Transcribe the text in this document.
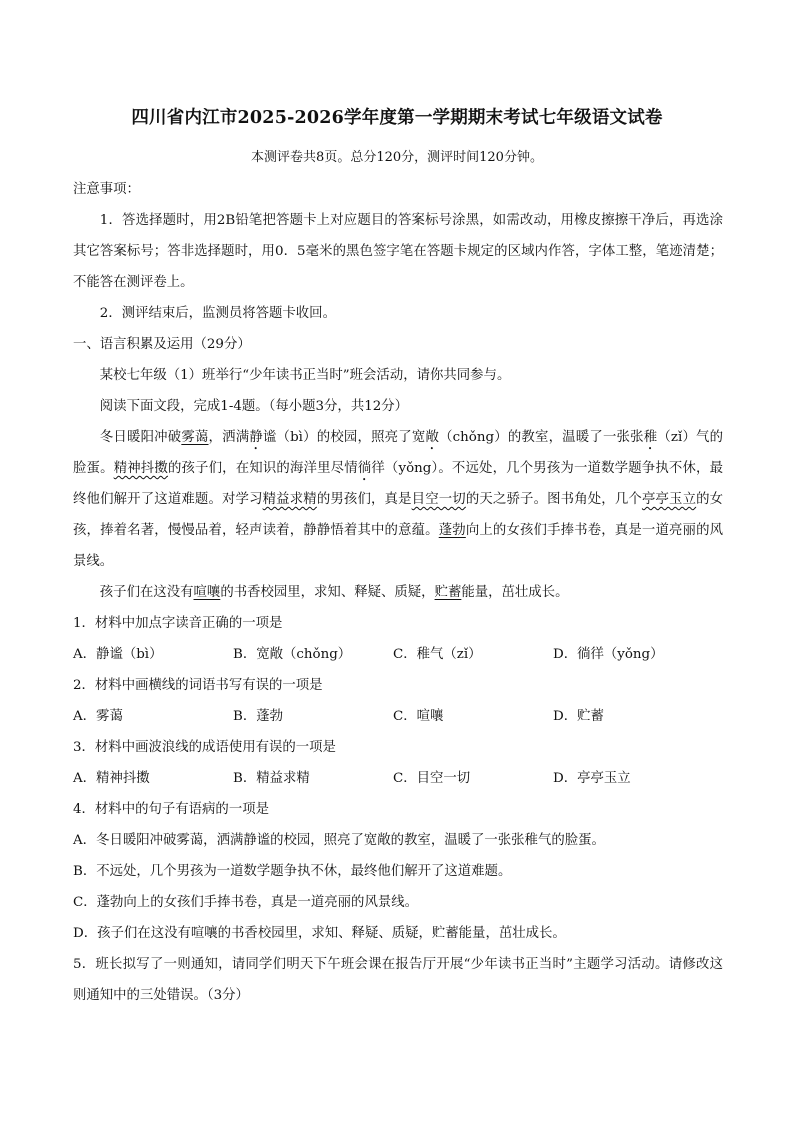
四川省内江市2025-2026学年度第一学期期末考试七年级语文试卷
本测评卷共8页。总分120分，测评时间120分钟。

注意事项：

1．答选择题时，用2B铅笔把答题卡上对应题目的答案标号涂黑，如需改动，用橡皮擦擦干净后，再选涂其它答案标号；答非选择题时，用0．5毫米的黑色签字笔在答题卡规定的区域内作答，字体工整，笔迹清楚；不能答在测评卷上。

2．测评结束后，监测员将答题卡收回。

一、语言积累及运用（29分）

某校七年级（1）班举行“少年读书正当时”班会活动，请你共同参与。

阅读下面文段，完成1-4题。（每小题3分，共12分）

冬日暖阳冲破雾蔼，洒满静谧（bì）的校园，照亮了宽敞（chǒng）的教室，温暖了一张张稚（zǐ）气的脸蛋。精神抖擞的孩子们，在知识的海洋里尽情徜徉（yǒng）。不远处，几个男孩为一道数学题争执不休，最终他们解开了这道难题。对学习精益求精的男孩们，真是目空一切的天之骄子。图书角处，几个亭亭玉立的女孩，捧着名著，慢慢品着，轻声读着，静静悟着其中的意蕴。蓬勃向上的女孩们手捧书卷，真是一道亮丽的风景线。

孩子们在这没有喧嚷的书香校园里，求知、释疑、质疑，贮蓄能量，茁壮成长。

1．材料中加点字读音正确的一项是

A．静谧（bì）	B．宽敞（chǒng）	C．稚气（zǐ）	D．徜徉（yǒng）

2．材料中画横线的词语书写有误的一项是

A．雾蔼	B．蓬勃	C．喧嚷	D．贮蓄

3．材料中画波浪线的成语使用有误的一项是

A．精神抖擞	B．精益求精	C．目空一切	D．亭亭玉立

4．材料中的句子有语病的一项是

A．冬日暖阳冲破雾蔼，洒满静谧的校园，照亮了宽敞的教室，温暖了一张张稚气的脸蛋。

B．不远处，几个男孩为一道数学题争执不休，最终他们解开了这道难题。

C．蓬勃向上的女孩们手捧书卷，真是一道亮丽的风景线。

D．孩子们在这没有喧嚷的书香校园里，求知、释疑、质疑，贮蓄能量，茁壮成长。

5．班长拟写了一则通知，请同学们明天下午班会课在报告厅开展“少年读书正当时”主题学习活动。请修改这则通知中的三处错误。（3分）
